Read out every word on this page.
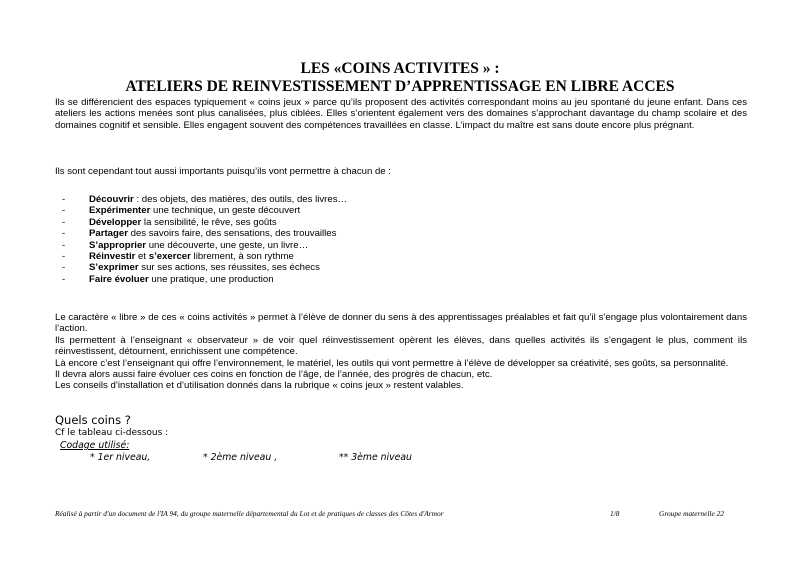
LES «COINS ACTIVITES » :
ATELIERS DE REINVESTISSEMENT D’APPRENTISSAGE EN LIBRE ACCES
Ils se différencient des espaces typiquement « coins jeux » parce qu’ils proposent des activités correspondant moins au jeu spontané du jeune enfant. Dans ces ateliers les actions menées sont plus canalisées, plus ciblées. Elles s’orientent également vers des domaines s’approchant davantage du champ scolaire et des domaines cognitif et sensible. Elles engagent souvent des compétences travaillées en classe. L’impact du maître est sans doute encore plus prégnant.
Ils sont cependant tout aussi importants puisqu’ils vont permettre à chacun de :
- Découvrir : des objets, des matières, des outils, des livres…
- Expérimenter une technique, un geste découvert
- Développer la sensibilité, le rêve, ses goûts
- Partager des savoirs faire, des sensations, des trouvailles
- S’approprier une découverte, une geste, un livre…
- Réinvestir et s’exercer librement, à son rythme
- S’exprimer sur ses actions, ses réussites, ses échecs
- Faire évoluer une pratique, une production
Le caractère « libre » de ces « coins activités » permet à l’élève de donner du sens à des apprentissages préalables et fait qu’il s’engage plus volontairement dans l’action.
Ils permettent à l’enseignant « observateur » de voir quel réinvestissement opèrent les élèves, dans quelles activités ils s’engagent le plus, comment ils réinvestissent, détournent, enrichissent une compétence.
Là encore c’est l’enseignant qui offre l’environnement, le matériel, les outils qui vont permettre à l’élève de développer sa créativité, ses goûts, sa personnalité.
Il devra alors aussi faire évoluer ces coins en fonction de l’âge, de l’année, des progrès de chacun, etc.
Les conseils d’installation et d’utilisation donnés dans la rubrique « coins jeux » restent valables.
Quels coins ?
Cf le tableau ci-dessous :
Codage utilisé:
* 1er niveau,	* 2ème niveau ,	** 3ème niveau
Réalisé à partir d'un document de l'IA 94, du groupe maternelle départemental du Lot et de pratiques de classes des Côtes d'Armor	1/8	Groupe maternelle 22
